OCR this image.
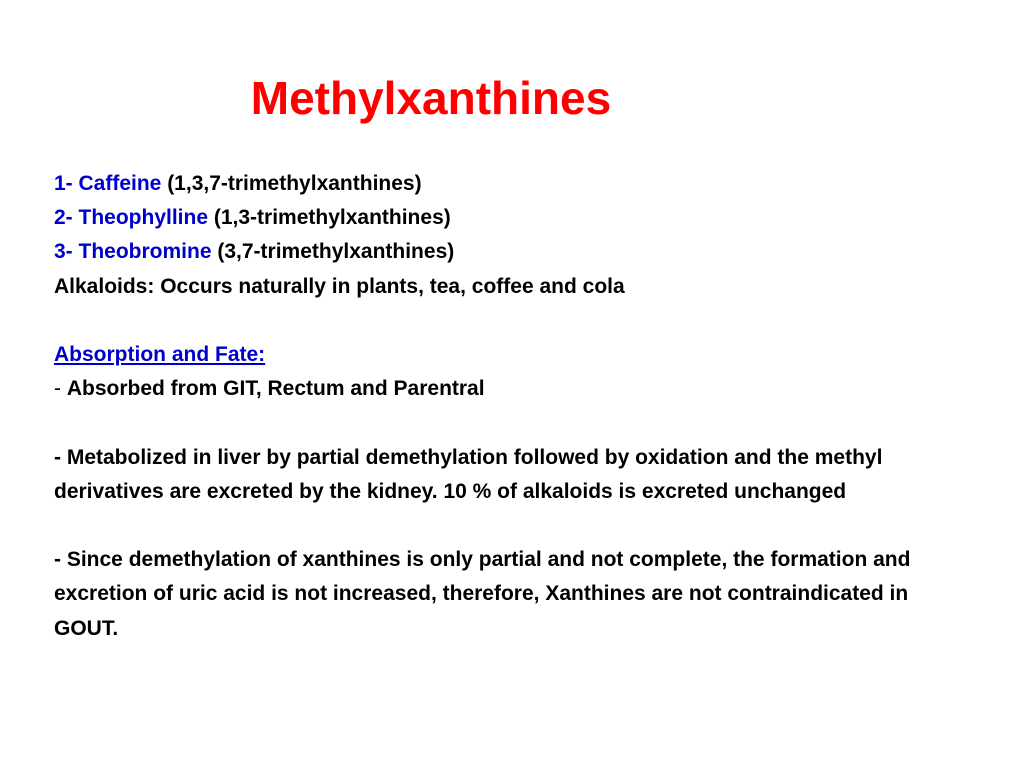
Methylxanthines
1- Caffeine (1,3,7-trimethylxanthines)
2- Theophylline (1,3-trimethylxanthines)
3- Theobromine (3,7-trimethylxanthines)
Alkaloids: Occurs naturally in plants, tea, coffee and cola
Absorption and Fate:
- Absorbed from GIT, Rectum and Parentral
- Metabolized in liver by partial demethylation followed by oxidation and the methyl derivatives are excreted by the kidney. 10 % of alkaloids is excreted unchanged
- Since demethylation of xanthines is only partial and not complete, the formation and excretion of uric acid is not increased, therefore, Xanthines are not contraindicated in GOUT.
